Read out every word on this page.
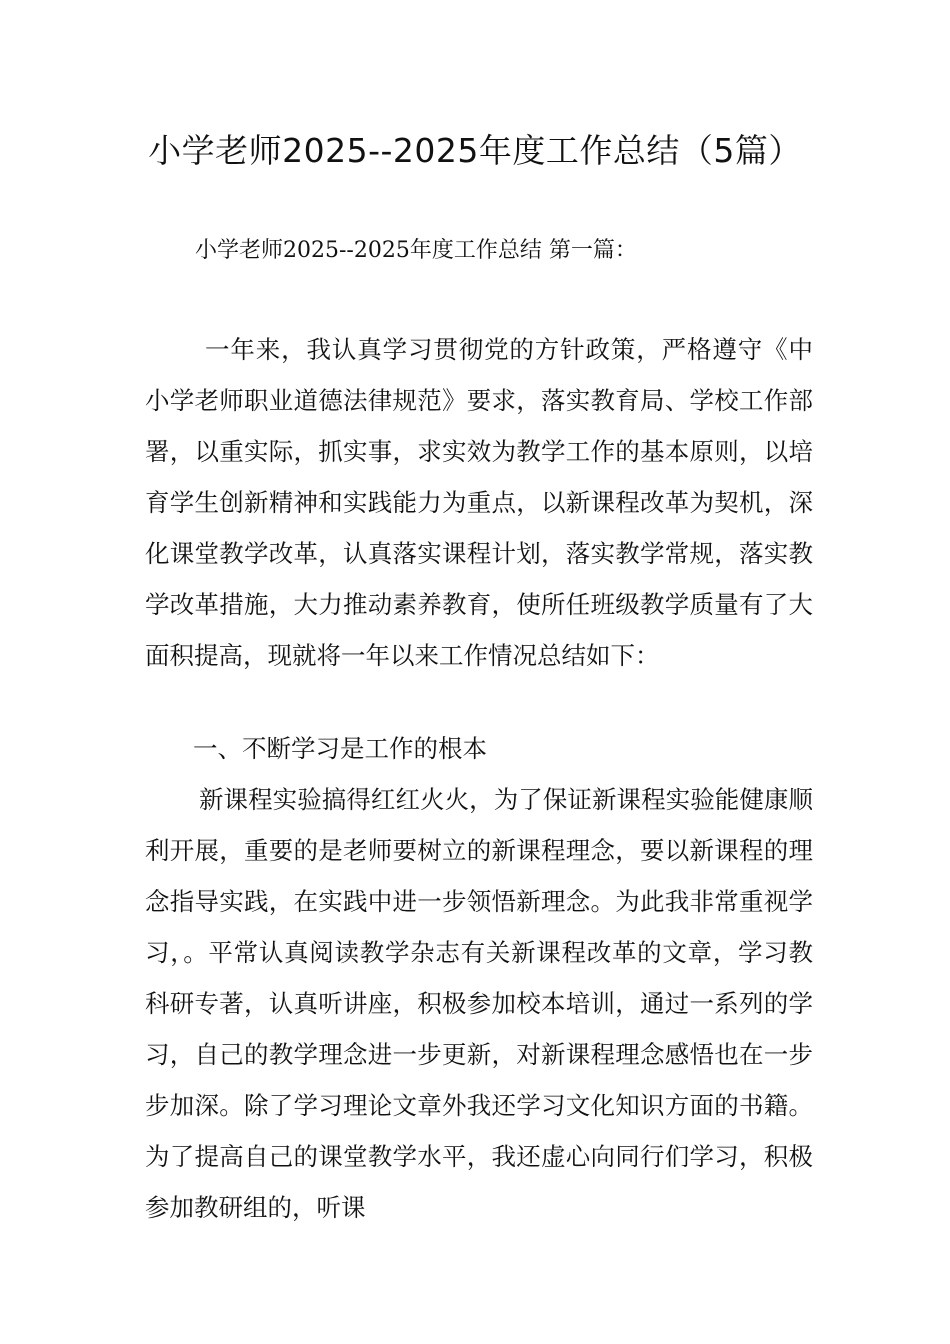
小学老师2025--2025年度工作总结（5篇）
小学老师2025--2025年度工作总结 第一篇：

一年来，我认真学习贯彻党的方针政策，严格遵守《中小学老师职业道德法律规范》要求，落实教育局、学校工作部署，以重实际，抓实事，求实效为教学工作的基本原则，以培育学生创新精神和实践能力为重点，以新课程改革为契机，深化课堂教学改革，认真落实课程计划，落实教学常规，落实教学改革措施，大力推动素养教育，使所任班级教学质量有了大面积提高，现就将一年以来工作情况总结如下：

一、不断学习是工作的根本

新课程实验搞得红红火火，为了保证新课程实验能健康顺利开展，重要的是老师要树立的新课程理念，要以新课程的理念指导实践，在实践中进一步领悟新理念。为此我非常重视学习，。平常认真阅读教学杂志有关新课程改革的文章，学习教科研专著，认真听讲座，积极参加校本培训，通过一系列的学习，自己的教学理念进一步更新，对新课程理念感悟也在一步步加深。除了学习理论文章外我还学习文化知识方面的书籍。为了提高自己的课堂教学水平，我还虚心向同行们学习，积极参加教研组的，听课
